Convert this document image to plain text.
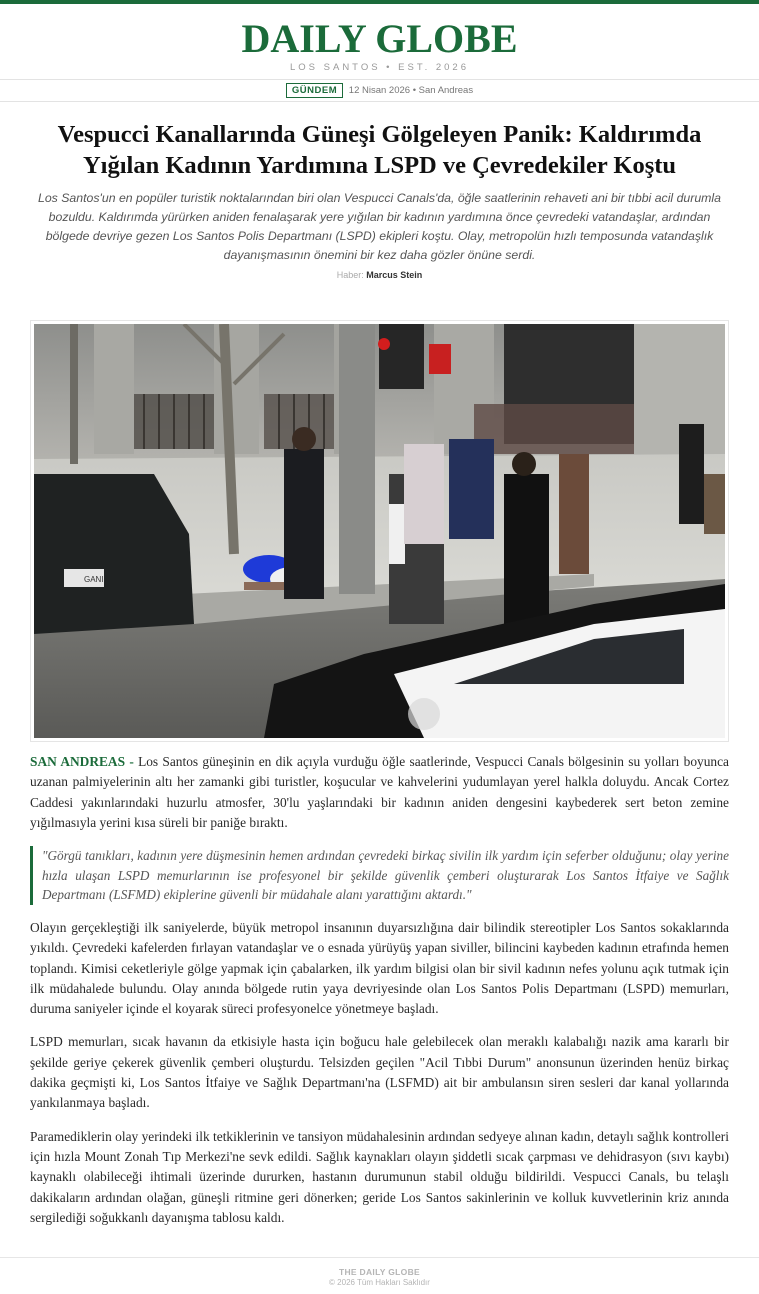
DAILY GLOBE
LOS SANTOS • EST. 2026
GÜNDEM 12 Nisan 2026 • San Andreas
Vespucci Kanallarında Güneşi Gölgeleyen Panik: Kaldırımda Yığılan Kadının Yardımına LSPD ve Çevredekiler Koştu

Los Santos'un en popüler turistik noktalarından biri olan Vespucci Canals'da, öğle saatlerinin rehaveti ani bir tıbbi acil durumla bozuldu. Kaldırımda yürürken aniden fenalaşarak yere yığılan bir kadının yardımına önce çevredeki vatandaşlar, ardından bölgede devriye gezen Los Santos Polis Departmanı (LSPD) ekipleri koştu. Olay, metropolün hızlı temposunda vatandaşlık dayanışmasının önemini bir kez daha gözler önüne serdi.

Haber: Marcus Stein
GANI

SAN ANDREAS - Los Santos güneşinin en dik açıyla vurduğu öğle saatlerinde, Vespucci Canals bölgesinin su yolları boyunca uzanan palmiyelerinin altı her zamanki gibi turistler, koşucular ve kahvelerini yudumlayan yerel halkla doluydu. Ancak Cortez Caddesi yakınlarındaki huzurlu atmosfer, 30'lu yaşlarındaki bir kadının aniden dengesini kaybederek sert beton zemine yığılmasıyla yerini kısa süreli bir paniğe bıraktı.

"Görgü tanıkları, kadının yere düşmesinin hemen ardından çevredeki birkaç sivilin ilk yardım için seferber olduğunu; olay yerine hızla ulaşan LSPD memurlarının ise profesyonel bir şekilde güvenlik çemberi oluşturarak Los Santos İtfaiye ve Sağlık Departmanı (LSFMD) ekiplerine güvenli bir müdahale alanı yarattığını aktardı."

Olayın gerçekleştiği ilk saniyelerde, büyük metropol insanının duyarsızlığına dair bilindik stereotipler Los Santos sokaklarında yıkıldı. Çevredeki kafelerden fırlayan vatandaşlar ve o esnada yürüyüş yapan siviller, bilincini kaybeden kadının etrafında hemen toplandı. Kimisi ceketleriyle gölge yapmak için çabalarken, ilk yardım bilgisi olan bir sivil kadının nefes yolunu açık tutmak için ilk müdahalede bulundu. Olay anında bölgede rutin yaya devriyesinde olan Los Santos Polis Departmanı (LSPD) memurları, duruma saniyeler içinde el koyarak süreci profesyonelce yönetmeye başladı.

LSPD memurları, sıcak havanın da etkisiyle hasta için boğucu hale gelebilecek olan meraklı kalabalığı nazik ama kararlı bir şekilde geriye çekerek güvenlik çemberi oluşturdu. Telsizden geçilen "Acil Tıbbi Durum" anonsunun üzerinden henüz birkaç dakika geçmişti ki, Los Santos İtfaiye ve Sağlık Departmanı'na (LSFMD) ait bir ambulansın siren sesleri dar kanal yollarında yankılanmaya başladı.

Paramediklerin olay yerindeki ilk tetkiklerinin ve tansiyon müdahalesinin ardından sedyeye alınan kadın, detaylı sağlık kontrolleri için hızla Mount Zonah Tıp Merkezi'ne sevk edildi. Sağlık kaynakları olayın şiddetli sıcak çarpması ve dehidrasyon (sıvı kaybı) kaynaklı olabileceği ihtimali üzerinde dururken, hastanın durumunun stabil olduğu bildirildi. Vespucci Canals, bu telaşlı dakikaların ardından olağan, güneşli ritmine geri dönerken; geride Los Santos sakinlerinin ve kolluk kuvvetlerinin kriz anında sergilediği soğukkanlı dayanışma tablosu kaldı.

THE DAILY GLOBE
© 2026 Tüm Hakları Saklıdır
